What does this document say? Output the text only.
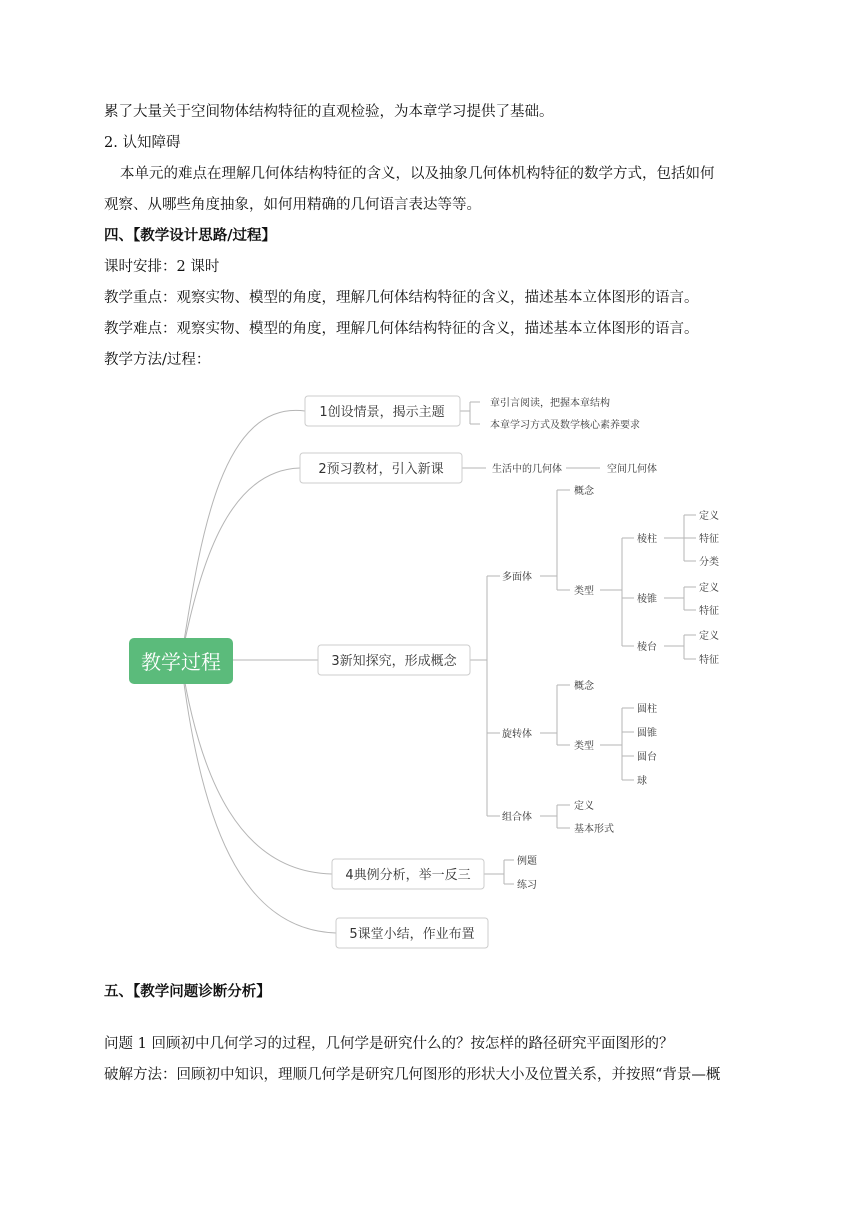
累了大量关于空间物体结构特征的直观检验，为本章学习提供了基础。
2. 认知障碍
本单元的难点在理解几何体结构特征的含义，以及抽象几何体机构特征的数学方式，包括如何
观察、从哪些角度抽象，如何用精确的几何语言表达等等。
四、【教学设计思路/过程】
课时安排：2 课时
教学重点：观察实物、模型的角度，理解几何体结构特征的含义，描述基本立体图形的语言。
教学难点：观察实物、模型的角度，理解几何体结构特征的含义，描述基本立体图形的语言。
教学方法/过程：
五、【教学问题诊断分析】
问题 1 回顾初中几何学习的过程，几何学是研究什么的？按怎样的路径研究平面图形的？
破解方法：回顾初中知识，理顺几何学是研究几何图形的形状大小及位置关系，并按照“背景—概
教学过程
1创设情景，揭示主题
2预习教材，引入新课
3新知探究，形成概念
4典例分析，举一反三
5课堂小结，作业布置
章引言阅读，把握本章结构
本章学习方式及数学核心素养要求
生活中的几何体	空间几何体
多面体
概念
类型
棱柱
定义
特征
分类
棱锥
定义
特征
棱台
定义
特征
旋转体
概念
类型
圆柱
圆锥
圆台
球
组合体
定义
基本形式
例题
练习
